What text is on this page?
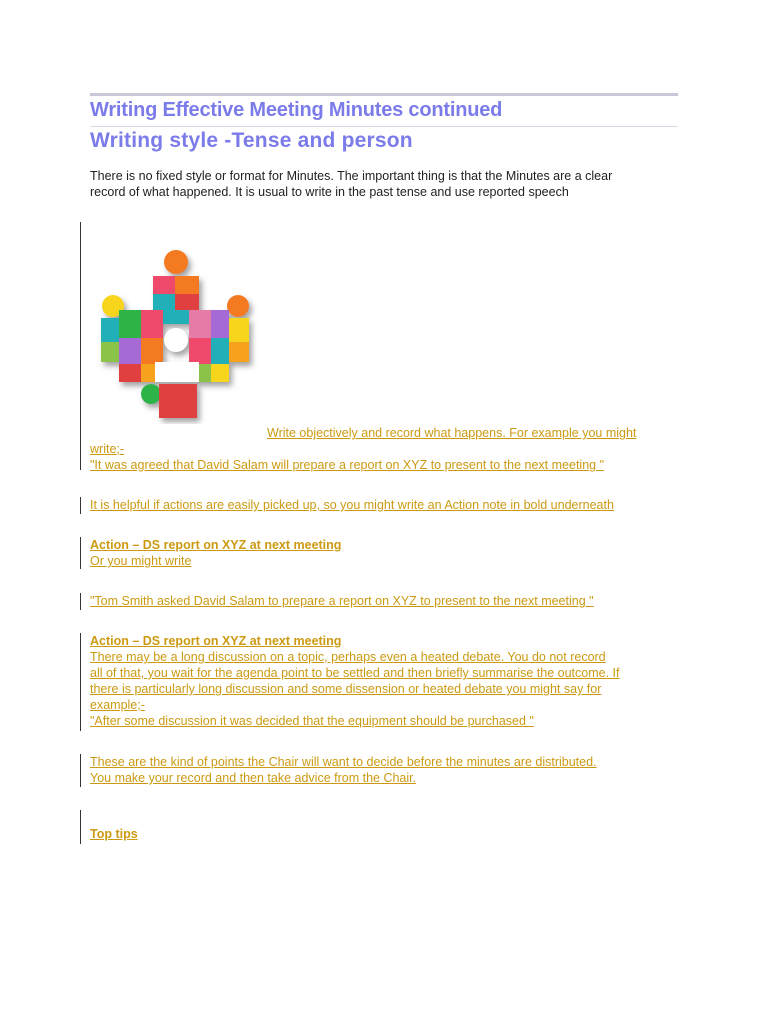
Writing Effective Meeting Minutes continued
Writing style -Tense and person
There is no fixed style or format for Minutes. The important thing is that the Minutes are a clear
record of what happened. It is usual to write in the past tense and use reported speech
Write objectively and record what happens. For example you might
write;-
"It was agreed that David Salam will prepare a report on XYZ to present to the next meeting "
It is helpful if actions are easily picked up, so you might write an Action note in bold underneath
Action – DS report on XYZ at next meeting
Or you might write
"Tom Smith asked David Salam to prepare a report on XYZ to present to the next meeting "
Action – DS report on XYZ at next meeting
There may be a long discussion on a topic, perhaps even a heated debate. You do not record
all of that, you wait for the agenda point to be settled and then briefly summarise the outcome. If
there is particularly long discussion and some dissension or heated debate you might say for
example;-
"After some discussion it was decided that the equipment should be purchased "
These are the kind of points the Chair will want to decide before the minutes are distributed.
You make your record and then take advice from the Chair.
Top tips
